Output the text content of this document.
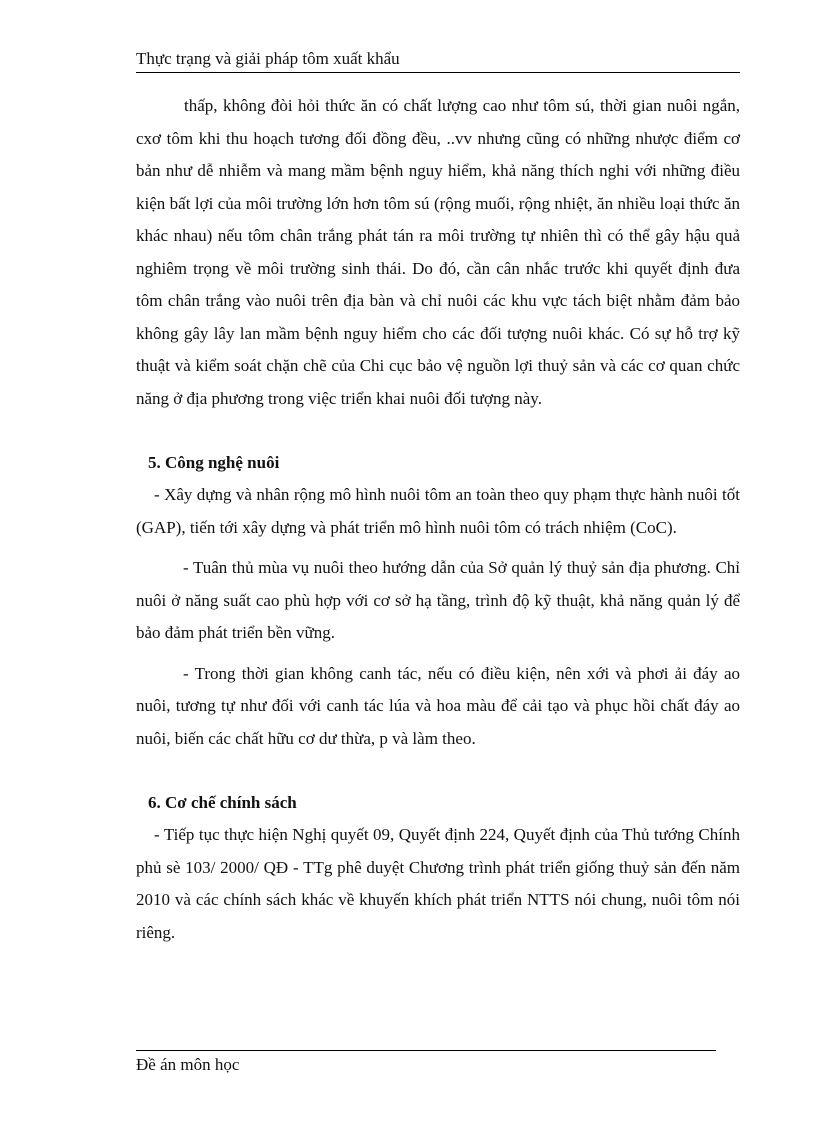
Thực trạng và giải pháp tôm xuất khẩu

thấp, không đòi hỏi thức ăn có chất lượng cao như tôm sú, thời gian nuôi ngắn, cxơ tôm khi thu hoạch tương đối đồng đều, ..vv nhưng cũng có những nhược điểm cơ bản như dễ nhiễm và mang mầm bệnh nguy hiểm, khả năng thích nghi với những điều kiện bất lợi của môi trường lớn hơn tôm sú (rộng muối, rộng nhiệt, ăn nhiều loại thức ăn khác nhau) nếu tôm chân trắng phát tán ra môi trường tự nhiên thì có thể gây hậu quả nghiêm trọng về môi trường sinh thái. Do đó, cần cân nhắc trước khi quyết định đưa tôm chân trắng vào nuôi trên địa bàn và chỉ nuôi các khu vực tách biệt nhằm đảm bảo không gây lây lan mầm bệnh nguy hiểm cho các đối tượng nuôi khác. Có sự hỗ trợ kỹ thuật và kiểm soát chặn chẽ của Chi cục bảo vệ nguồn lợi thuỷ sản và các cơ quan chức năng ở địa phương trong việc triển khai nuôi đối tượng này.

5. Công nghệ nuôi

- Xây dựng và nhân rộng mô hình nuôi tôm an toàn theo quy phạm thực hành nuôi tốt (GAP), tiến tới xây dựng và phát triển mô hình nuôi tôm có trách nhiệm (CoC).

- Tuân thủ mùa vụ nuôi theo hướng dẫn của Sở quản lý thuỷ sản địa phương. Chỉ nuôi ở năng suất cao phù hợp với cơ sở hạ tầng, trình độ kỹ thuật, khả năng quản lý để bảo đảm phát triển bền vững.

- Trong thời gian không canh tác, nếu có điều kiện, nên xới và phơi ải đáy ao nuôi, tương tự như đối với canh tác lúa và hoa màu để cải tạo và phục hồi chất đáy ao nuôi, biến các chất hữu cơ dư thừa, p và làm theo.

6. Cơ chế chính sách

- Tiếp tục thực hiện Nghị quyết 09, Quyết định 224, Quyết định của Thủ tướng Chính phủ sè 103/ 2000/ QĐ - TTg phê duyệt Chương trình phát triển giống thuỷ sản đến năm 2010 và các chính sách khác về khuyến khích phát triển NTTS nói chung, nuôi tôm nói riêng.

Đề án môn học
